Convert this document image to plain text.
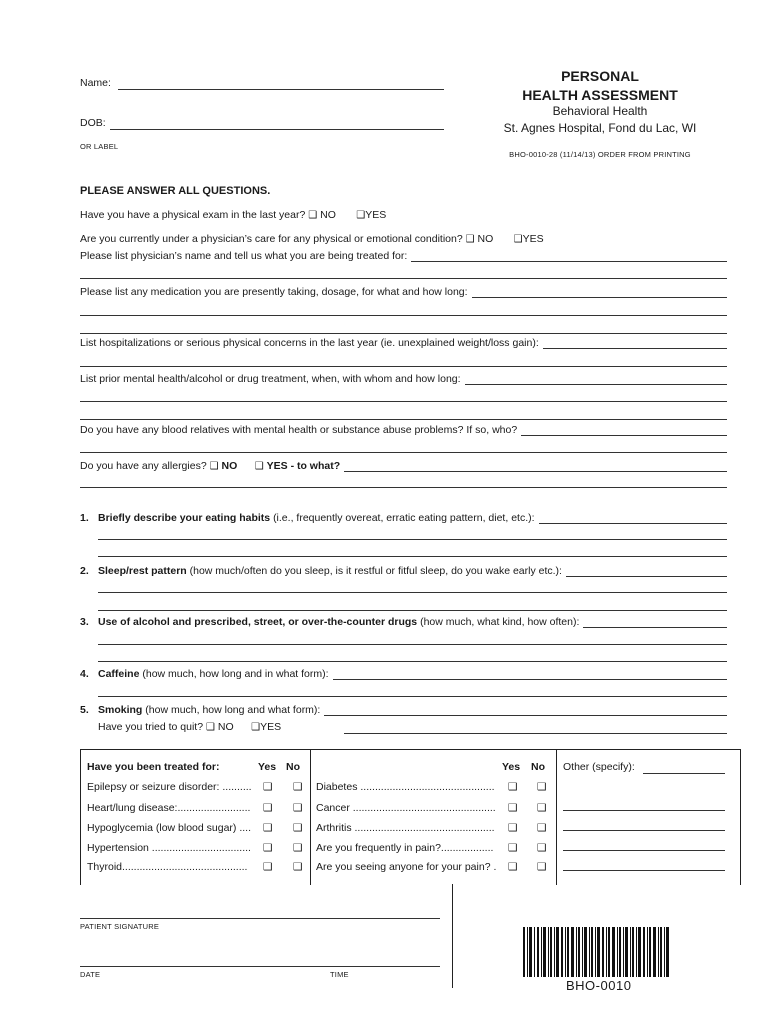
Name:
DOB:
OR LABEL
PERSONAL
HEALTH ASSESSMENT
Behavioral Health
St. Agnes Hospital, Fond du Lac, WI
BHO-0010-28 (11/14/13) ORDER FROM PRINTING
PLEASE ANSWER ALL QUESTIONS.
Have you have a physical exam in the last year? ❑ NO ❑YES
Are you currently under a physician’s care for any physical or emotional condition? ❑ NO ❑YES
Please list physician’s name and tell us what you are being treated for:
Please list any medication you are presently taking, dosage, for what and how long:
List hospitalizations or serious physical concerns in the last year (ie. unexplained weight/loss gain):
List prior mental health/alcohol or drug treatment, when, with whom and how long:
Do you have any blood relatives with mental health or substance abuse problems? If so, who?
Do you have any allergies?
❑
NO
❑
YES - to what?
1. Briefly describe your eating habits
(i.e., frequently overeat, erratic eating pattern, diet, etc.):
2. Sleep/rest pattern
(how much/often do you sleep, is it restful or fitful sleep, do you wake early etc.):
3. Use of alcohol and prescribed, street, or over-the-counter drugs
(how much, what kind, how often):
4. Caffeine
(how much, how long and in what form):
5. Smoking
(how much, how long and what form):
Have you tried to quit? ❑ NO ❑YES
Have you been treated for:	Yes No	Yes No
Epilepsy or seizure disorder: .......... ❑ ❑
Heart/lung disease:......................... ❑ ❑
Hypoglycemia (low blood sugar) .... ❑ ❑
Hypertension .................................. ❑ ❑
Thyroid........................................... ❑ ❑
Diabetes .............................................. ❑ ❑
Cancer ................................................. ❑ ❑
Arthritis ................................................ ❑ ❑
Are you frequently in pain?.................. ❑ ❑
Are you seeing anyone for your pain? . ❑ ❑
Other (specify):
PATIENT SIGNATURE
DATE	TIME
BHO-0010
